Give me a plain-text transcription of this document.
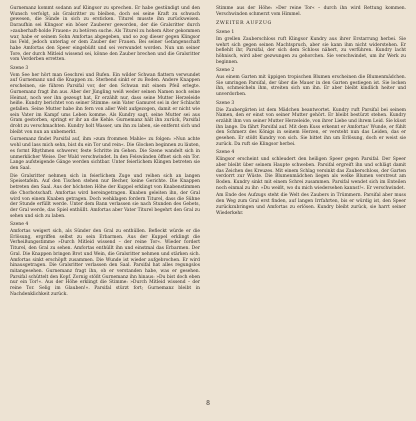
Gurnemanz kommt sodann auf Klingsor zu sprechen. Er habe gestündigt und den Wunsch verfolgt, als Gralsritter zu bleiben, doch sei seine Kraft zu schwach gewesen, die Sünde in sich zu ersticken. Titurel musste ihn zurückweisen. Daraufhin sei Klingsor ein böser Zauberer geworden, der die Gralsritter durch »zauberhaft-holde Frauen« zu betören suche. Als Titurel zu hohem Alter gekommen war, habe er seinem Sohn Amfortas abgegeben, und so zog dieser gegen Klingsor ins Feld, jedoch unterlag er dem Zauber der Frauen. Bei seiner Gefangenschaft habe Amfortas den Speer eingebüßt und sei verwundet worden. Nun um seiner Tore, der durch Mitleid wissend sei, könne den Zauber brechen und die Gralsritter vom Verderben erretten.

Szene 3

Vom See her hört man Geschrei und Rufen. Ein wilder Schwan flattern verwundet auf Gurnemanz und die Knappen zu. Sterbend sinkt er zu Boden. Andere Knappen erscheinen, sie führen Parsifal vor, der den Schwan mit einem Pfeil erlegte. Gurnemanz fragt ihn aus. Aber der Jüngling weiß weder seinen Namen noch seine Heimat, noch wer ihn gezeugt hat, Er erzählt nur, dass seine Mutter Herzeleide heiße. Kundry berichtet von seiner Stimme: sein Vater Gamuret sei in der Schlacht gefallen. Seine Mutter habe ihn fern von aller Welt aufgezogen, damit er nicht wie sein Vater im Kampf ums Leben komme. Als Kundry sagt, seine Mutter sei aus Gram gestorben, springt er ihr an die Kehle. Gurnemanz hält ihn zurück, Parsifal droht zu verschmachten. Kundry holt Wasser, um ihn zu laben, sie entfernt sich und bleibt von nun an unbemerkt.

Gurnemanz findet Parsifal auf, ihm »zum frommen Mahle« zu folgen: »Nun achte wohl und lass mich sehn, bist du ein Tor und rein«. Die Glocken beginnen zu läuten, es formt Rhythmen schwerer, feste Schritte im Gehen. Die Szene wandelt sich in unmerklicher Weise. Der Wald verschwindet. In den Felswänden öffnet sich ein Tor. Lange aufsteigende Gänge werden sichtbar. Unter feierlichem Klingen betreten sie den Saal.

Die Gralsritter nehmen sich in feierlichem Zuge und reihen sich an langen Speisetafeln. Auf den Tischen stehen nur Becher, keine Gerichte. Die Knappen betreten den Saal. Aus der höchsten Höhe der Kuppel erklingt von Knabenstimmen die Chorbotschaft. Amfortas wird hereingetragen. Knaben geleiten ihn, der Gral wird von einem Knaben getragen. Doch wehklagen fordern Titurel, dass die Sühne der Stunde erfüllt werde. Unter dem Bann verlassen sie nach Stunden des Gebets, der Gral werde, das Spiel enthüllt. Amfortas aber Vater Titurel begehrt den Gral zu sehen und sich zu laben.

Szene 4

Amfortas weigert sich, als Sünder den Gral zu enthüllen. Befleckt würde er die Erlösung, ergriffen selbst zu sein Erbarmen. Aus der Kuppel erklingt die Verheißungsstimme »Durch Mitleid wissend – der reine Tor«. Wieder fordert Titurel, den Gral zu sehen. Amfortas enthüllt ihn und einstmal das Erbarmen. Der Gral. Die Knappen bringen Brot und Wein, die Gralsritter nehmen und stärken sich. Amfortas sinkt erschöpft zusammen. Die Wunde ist wieder aufgebrochen. Er wird hinausgetragen. Die Gralsritter verlassen den Saal. Parsifal hat alles regungslos mitangesehen. Gurnemanz fragt ihn, ob er verstanden habe, was er gesehen. Parsifal schüttelt den Kopf. Zornig stößt Gurnemanz ihn hinaus: »Du bist doch eben nur ein Tor!«. Aus der Höhe erklingt die Stimme: »Durch Mitleid wissend – der reine Tor. Selig im Glauben!«. Parsifal stürzt fort; Gurnemanz bleibt in Nachdenklichkeit zurück.

Stimme aus der Höhe: »Der reine Tor« – durch ihn wird Rettung kommen. Verschwinden schmerzt vom Himmel.

ZWEITER AUFZUG

Szene 1

Im grellen Zauberschloss ruft Klingsor Kundry aus ihrer Erstarrung herbei. Sie wehrt sich gegen seinen Machtspruch, aber sie kann ihm nicht widerstehen. Er befiehlt ihr, Parsifal, der sich dem Schloss nähert, zu verführen. Kundry lacht höhnisch, wird aber gezwungen zu gehorchen. Sie verschwindet, um ihr Werk zu beginnen.

Szene 2

Aus einem Garten mit üppigen tropischen Blumen erscheinen die Blumenmädchen. Sie umringen Parsifal, der über die Mauer in den Garten gestiegen ist. Sie locken ihn, schmeicheln ihm, streiten sich um ihn. Er aber bleibt kindlich heiter und unverdorben.

Szene 3

Die Zaubergärten ist dem Mädchen beantwortet. Kundry ruft Parsifal bei seinem Namen, den er einst von seiner Mutter gehört. Er bleibt bestürzt stehen. Kundry erzählt ihm von seiner Mutter Herzeleide, von ihrer Liebe und ihrem Leid. Sie küsst ihn lange. Da fährt Parsifal auf. Mit dem Kuss erkennt er Amfortas' Wunde, er fühlt den Schmerz des Königs in seinem Herzen, er versteht nun das Leiden, das er gesehen. Er stößt Kundry von sich. Sie bittet ihn um Erlösung, doch er weist sie zurück. Da ruft sie Klingsor herbei.

Szene 4

Klingsor erscheint und schleudert den heiligen Speer gegen Parsifal. Der Speer aber bleibt über seinem Haupte schweben. Parsifal ergreift ihn und schlägt damit das Zeichen des Kreuzes. Mit einem Schlag versinkt das Zauberschloss, der Garten verdorrt zur Wüste. Die Blumenmädchen liegen als welke Blumen verstreut am Boden. Kundry sinkt mit einem Schrei zusammen. Parsifal wendet sich im Enteilen noch einmal zu ihr: »Du weißt, wo du mich wiedersehen kannst!«. Er verschwindet.

Am Ende des Aufzugs steht die Welt des Zaubers in Trümmern. Parsifal aber muss den Weg zum Gral erst finden, auf langen Irrfahrten, bis er würdig ist, den Speer zurückzubringen und Amfortas zu erlösen. Kundry bleibt zurück, sie harrt seiner Wiederkehr.

8
